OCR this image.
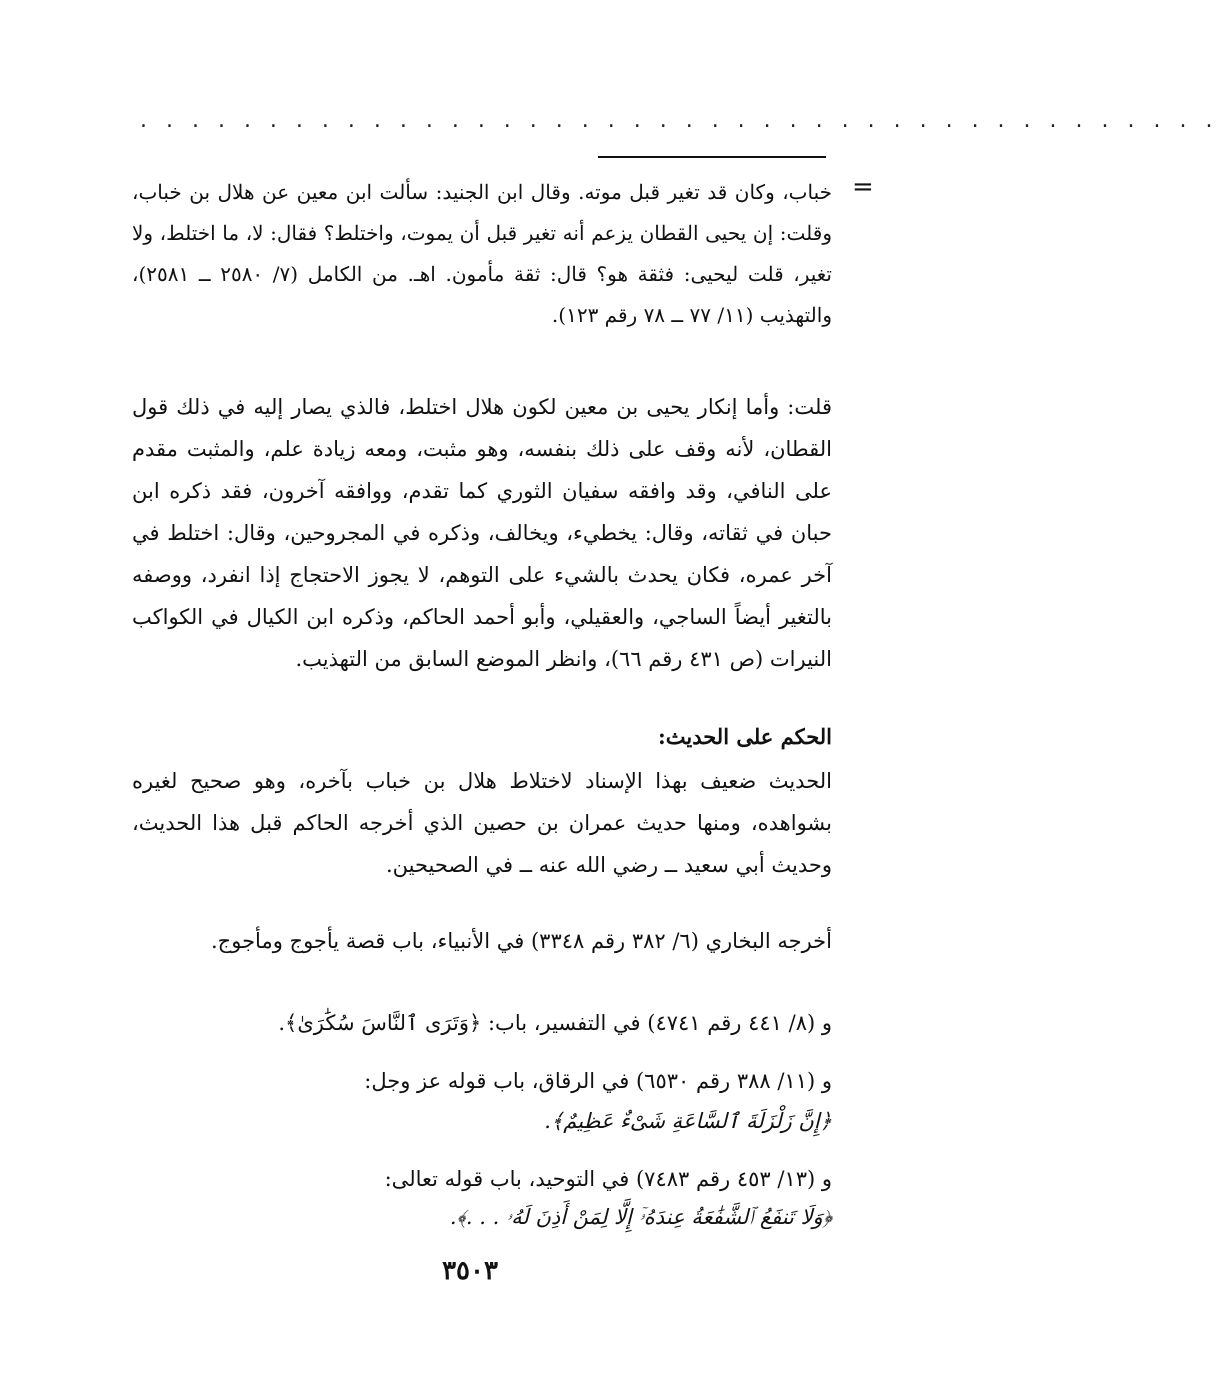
. . . . . . . . . . . . . . . . . . . . . . . . . . . . . . . . . . . . . . . . . .
=
خباب، وكان قد تغير قبل موته. وقال ابن الجنيد: سألت ابن معين عن هلال بن خباب، وقلت: إن يحيى القطان يزعم أنه تغير قبل أن يموت، واختلط؟ فقال: لا، ما اختلط، ولا تغير، قلت ليحيى: فثقة هو؟ قال: ثقة مأمون. اهـ. من الكامل (٧/ ٢٥٨٠ ــ ٢٥٨١)، والتهذيب (١١/ ٧٧ ــ ٧٨ رقم ١٢٣).
قلت: وأما إنكار يحيى بن معين لكون هلال اختلط، فالذي يصار إليه في ذلك قول القطان، لأنه وقف على ذلك بنفسه، وهو مثبت، ومعه زيادة علم، والمثبت مقدم على النافي، وقد وافقه سفيان الثوري كما تقدم، ووافقه آخرون، فقد ذكره ابن حبان في ثقاته، وقال: يخطيء، ويخالف، وذكره في المجروحين، وقال: اختلط في آخر عمره، فكان يحدث بالشيء على التوهم، لا يجوز الاحتجاج إذا انفرد، ووصفه بالتغير أيضاً الساجي، والعقيلي، وأبو أحمد الحاكم، وذكره ابن الكيال في الكواكب النيرات (ص ٤٣١ رقم ٦٦)، وانظر الموضع السابق من التهذيب.
الحكم على الحديث:
الحديث ضعيف بهذا الإسناد لاختلاط هلال بن خباب بآخره، وهو صحيح لغيره بشواهده، ومنها حديث عمران بن حصين الذي أخرجه الحاكم قبل هذا الحديث، وحديث أبي سعيد ــ رضي الله عنه ــ في الصحيحين.
أخرجه البخاري (٦/ ٣٨٢ رقم ٣٣٤٨) في الأنبياء، باب قصة يأجوج ومأجوج.
و (٨/ ٤٤١ رقم ٤٧٤١) في التفسير، باب: ﴿وَتَرَى ٱلنَّاسَ سُكَٰرَىٰ﴾.
و (١١/ ٣٨٨ رقم ٦٥٣٠) في الرقاق، باب قوله عز وجل:
﴿إِنَّ زَلْزَلَةَ ٱلسَّاعَةِ شَىْءٌ عَظِيمٌ﴾.
و (١٣/ ٤٥٣ رقم ٧٤٨٣) في التوحيد، باب قوله تعالى:
﴿وَلَا تَنفَعُ ٱلشَّفَٰعَةُ عِندَهُۥٓ إِلَّا لِمَنْ أَذِنَ لَهُۥ . . .﴾.
٣٥٠٣
